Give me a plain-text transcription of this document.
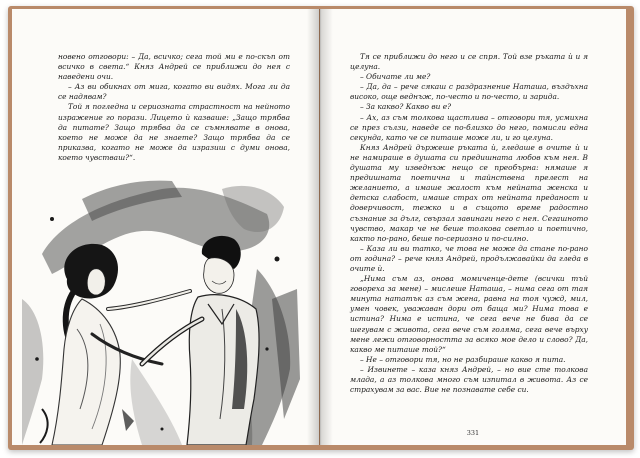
новено отговори: – Да, всичко; сега той ми е по-скъп от всичко в света.“ Княз Андрей се приближи до нея с наведени очи.

– Аз ви обикнах от мига, когато ви видях. Мога ли да се надявам?

Той я погледна и сериозната страстност на нейното изражение го порази. Лицето ѝ казваше: „Защо трябва да питате? Защо трябва да се съмнявате в онова, което не може да не знаете? Защо трябва да се приказва, когато не може да изразиш с думи онова, което чувстваш?“.

Тя се приближи до него и се спря. Той взе ръката ѝ и я целуна.

– Обичате ли ме?

– Да, да – рече сякаш с раздразнение Наташа, въздъхна високо, още веднъж, по-често и по-често, и зарида.

– За какво? Какво ви е?

– Ах, аз съм толкова щастлива – отговори тя, усмихна се през сълзи, наведе се по-близко до него, помисли една секунда, като че се питаше може ли, и го целуна.

Княз Андрей държеше ръката ѝ, гледаше в очите ѝ и не намираше в душата си предишната любов към нея. В душата му изведнъж нещо се преобърна: нямаше я предишната поетична и тайнствена прелест на желанието, а имаше жалост към нейната женска и детска слабост, имаше страх от нейната преданост и доверчивост, тежко и в същото време радостно съзнание за дълг, свързал завинаги него с нея. Сегашното чувство, макар че не беше толкова светло и поетично, както по-рано, беше по-сериозно и по-силно.

– Каза ли ви татко, че това не може да стане по-рано от година? – рече княз Андрей, продължавайки да гледа в очите ѝ.

„Нима съм аз, онова момиченце-дете (всички тъй говореха за мене) – мислеше Наташа, – нима сега от тая минута нататък аз съм жена, равна на тоя чужд, мил, умен човек, уважаван дори от баща ми? Нима това е истина? Нима е истина, че сега вече не бива да се шегувам с живота, сега вече съм голяма, сега вече върху мене лежи отговорността за всяко мое дело и слово? Да, какво ме питаше той?“

– Не – отговори тя, но не разбираше какво я пита.

– Извинете – каза княз Андрей, – но вие сте толкова млада, а аз толкова много съм изпитал в живота. Аз се страхувам за вас. Вие не познавате себе си.

331
